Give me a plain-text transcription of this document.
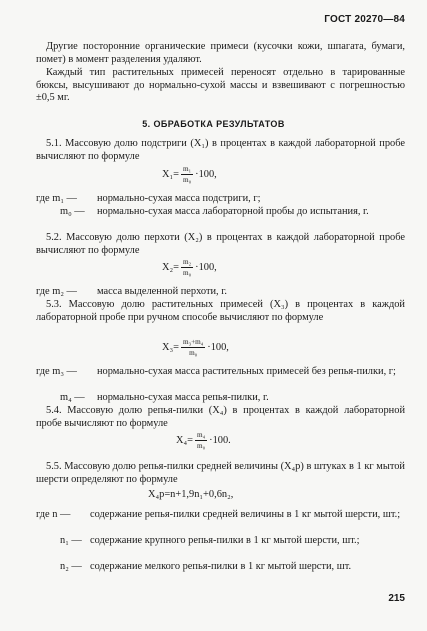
ГОСТ 20270—84
Другие посторонние органические примеси (кусочки кожи, шпагата, бумаги, помет) в момент разделения удаляют.
Каждый тип растительных примесей переносят отдельно в тарированные бюксы, высушивают до нормально-сухой массы и взвешивают с погрешностью ±0,5 мг.
5. ОБРАБОТКА РЕЗУЛЬТАТОВ
5.1. Массовую долю подстриги (X₁) в процентах в каждой лабораторной пробе вычисляют по формуле
$X_1= \frac{\text{m₁}}{\text{m₀}} \cdot 100$,
где m₁ — нормально-сухая масса подстриги, г;
m₀ — нормально-сухая масса лабораторной пробы до испытания, г.
5.2. Массовую долю перхоти (X₂) в процентах в каждой лабораторной пробе вычисляют по формуле
$X_2= \frac{\text{m₂}}{\text{m₀}} \cdot 100$,
где m₂ — масса выделенной перхоти, г.
5.3. Массовую долю растительных примесей (X₃) в процентах в каждой лабораторной пробе при ручном способе вычисляют по формуле
$X_3= \frac{\text{m₃+m₄}}{\text{m₀}} \cdot 100$,
где m₃ — нормально-сухая масса растительных примесей без репья-пилки, г;
m₄ — нормально-сухая масса репья-пилки, г.
5.4. Массовую долю репья-пилки (X₄) в процентах в каждой лабораторной пробе вычисляют по формуле
$X_4= \frac{\text{m₄}}{\text{m₀}} \cdot 100$.
5.5. Массовую долю репья-пилки средней величины (X₄р) в штуках в 1 кг мытой шерсти определяют по формуле
X₄р=n+1,9n₁+0,6n₂,
где n — содержание репья-пилки средней величины в 1 кг мытой шерсти, шт.;
n₁ — содержание крупного репья-пилки в 1 кг мытой шерсти, шт.;
n₂ — содержание мелкого репья-пилки в 1 кг мытой шерсти, шт.
215
